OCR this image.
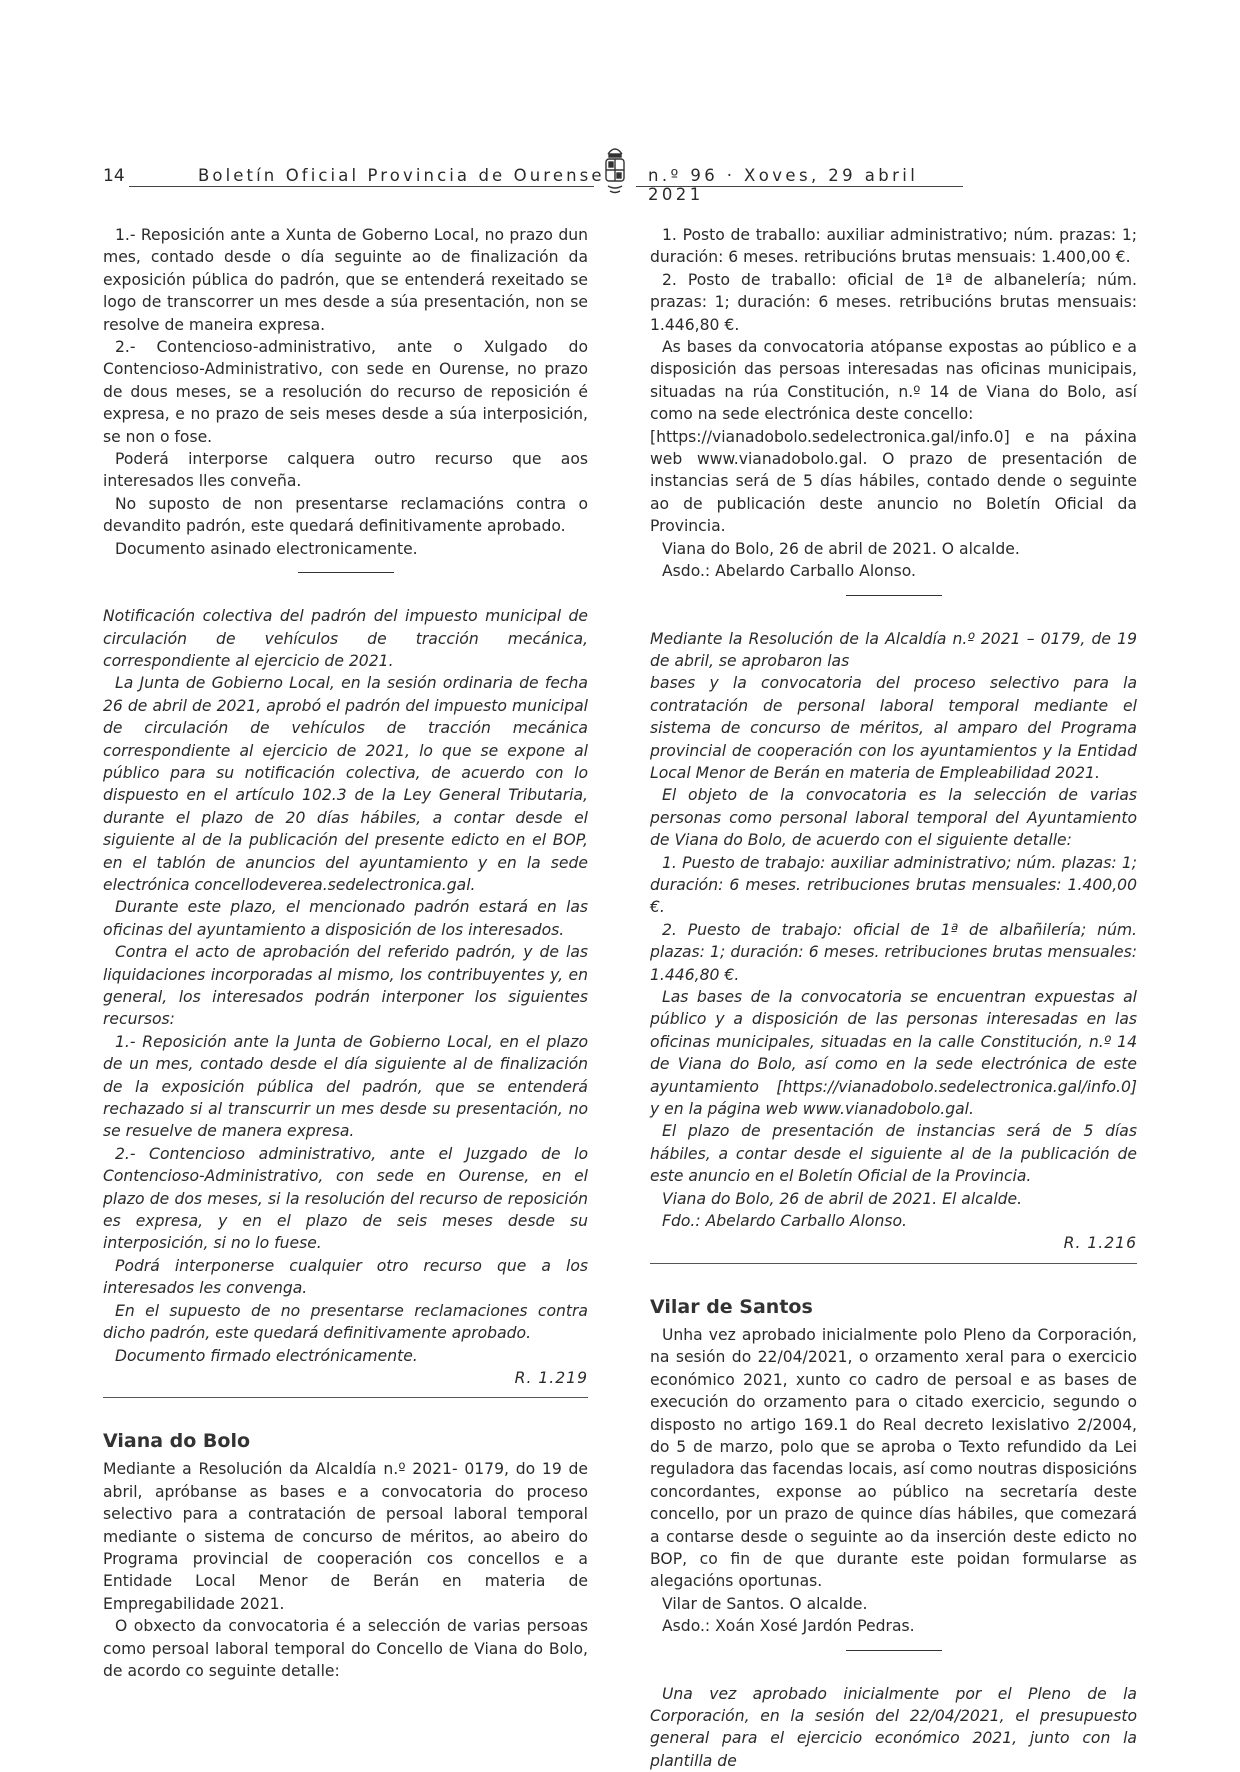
14	Boletín Oficial Provincia de Ourense	n.º 96 · Xoves, 29 abril 2021

1.- Reposición ante a Xunta de Goberno Local, no prazo dun mes, contado desde o día seguinte ao de finalización da exposición pública do padrón, que se entenderá rexeitado se logo de transcorrer un mes desde a súa presentación, non se resolve de maneira expresa.

2.- Contencioso-administrativo, ante o Xulgado do Contencioso-Administrativo, con sede en Ourense, no prazo de dous meses, se a resolución do recurso de reposición é expresa, e no prazo de seis meses desde a súa interposición, se non o fose.

Poderá interporse calquera outro recurso que aos interesados lles conveña.

No suposto de non presentarse reclamacións contra o devandito padrón, este quedará definitivamente aprobado.

Documento asinado electronicamente.

Notificación colectiva del padrón del impuesto municipal de circulación de vehículos de tracción mecánica, correspondiente al ejercicio de 2021.

La Junta de Gobierno Local, en la sesión ordinaria de fecha 26 de abril de 2021, aprobó el padrón del impuesto municipal de circulación de vehículos de tracción mecánica correspondiente al ejercicio de 2021, lo que se expone al público para su notificación colectiva, de acuerdo con lo dispuesto en el artículo 102.3 de la Ley General Tributaria, durante el plazo de 20 días hábiles, a contar desde el siguiente al de la publicación del presente edicto en el BOP, en el tablón de anuncios del ayuntamiento y en la sede electrónica concellodeverea.sedelectronica.gal.

Durante este plazo, el mencionado padrón estará en las oficinas del ayuntamiento a disposición de los interesados.

Contra el acto de aprobación del referido padrón, y de las liquidaciones incorporadas al mismo, los contribuyentes y, en general, los interesados podrán interponer los siguientes recursos:

1.- Reposición ante la Junta de Gobierno Local, en el plazo de un mes, contado desde el día siguiente al de finalización de la exposición pública del padrón, que se entenderá rechazado si al transcurrir un mes desde su presentación, no se resuelve de manera expresa.

2.- Contencioso administrativo, ante el Juzgado de lo Contencioso-Administrativo, con sede en Ourense, en el plazo de dos meses, si la resolución del recurso de reposición es expresa, y en el plazo de seis meses desde su interposición, si no lo fuese.

Podrá interponerse cualquier otro recurso que a los interesados les convenga.

En el supuesto de no presentarse reclamaciones contra dicho padrón, este quedará definitivamente aprobado.

Documento firmado electrónicamente.

R. 1.219

Viana do Bolo

Mediante a Resolución da Alcaldía n.º 2021- 0179, do 19 de abril, apróbanse as bases e a convocatoria do proceso selectivo para a contratación de persoal laboral temporal mediante o sistema de concurso de méritos, ao abeiro do Programa provincial de cooperación cos concellos e a Entidade Local Menor de Berán en materia de Empregabilidade 2021.

O obxecto da convocatoria é a selección de varias persoas como persoal laboral temporal do Concello de Viana do Bolo, de acordo co seguinte detalle:

1. Posto de traballo: auxiliar administrativo; núm. prazas: 1; duración: 6 meses. retribucións brutas mensuais: 1.400,00 €.

2. Posto de traballo: oficial de 1ª de albanelería; núm. prazas: 1; duración: 6 meses. retribucións brutas mensuais: 1.446,80 €.

As bases da convocatoria atópanse expostas ao público e a disposición das persoas interesadas nas oficinas municipais, situadas na rúa Constitución, n.º 14 de Viana do Bolo, así como na sede electrónica deste concello:

[https://vianadobolo.sedelectronica.gal/info.0] e na páxina web www.vianadobolo.gal. O prazo de presentación de instancias será de 5 días hábiles, contado dende o seguinte ao de publicación deste anuncio no Boletín Oficial da Provincia.

Viana do Bolo, 26 de abril de 2021. O alcalde.

Asdo.: Abelardo Carballo Alonso.

Mediante la Resolución de la Alcaldía n.º 2021 – 0179, de 19 de abril, se aprobaron las

bases y la convocatoria del proceso selectivo para la contratación de personal laboral temporal mediante el sistema de concurso de méritos, al amparo del Programa provincial de cooperación con los ayuntamientos y la Entidad Local Menor de Berán en materia de Empleabilidad 2021.

El objeto de la convocatoria es la selección de varias personas como personal laboral temporal del Ayuntamiento de Viana do Bolo, de acuerdo con el siguiente detalle:

1. Puesto de trabajo: auxiliar administrativo; núm. plazas: 1; duración: 6 meses. retribuciones brutas mensuales: 1.400,00 €.

2. Puesto de trabajo: oficial de 1ª de albañilería; núm. plazas: 1; duración: 6 meses. retribuciones brutas mensuales: 1.446,80 €.

Las bases de la convocatoria se encuentran expuestas al público y a disposición de las personas interesadas en las oficinas municipales, situadas en la calle Constitución, n.º 14 de Viana do Bolo, así como en la sede electrónica de este ayuntamiento [https://vianadobolo.sedelectronica.gal/info.0] y en la página web www.vianadobolo.gal.

El plazo de presentación de instancias será de 5 días hábiles, a contar desde el siguiente al de la publicación de este anuncio en el Boletín Oficial de la Provincia.

Viana do Bolo, 26 de abril de 2021. El alcalde.

Fdo.: Abelardo Carballo Alonso.

R. 1.216

Vilar de Santos

Unha vez aprobado inicialmente polo Pleno da Corporación, na sesión do 22/04/2021, o orzamento xeral para o exercicio económico 2021, xunto co cadro de persoal e as bases de execución do orzamento para o citado exercicio, segundo o disposto no artigo 169.1 do Real decreto lexislativo 2/2004, do 5 de marzo, polo que se aproba o Texto refundido da Lei reguladora das facendas locais, así como noutras disposicións concordantes, exponse ao público na secretaría deste concello, por un prazo de quince días hábiles, que comezará a contarse desde o seguinte ao da inserción deste edicto no BOP, co fin de que durante este poidan formularse as alegacións oportunas.

Vilar de Santos. O alcalde.

Asdo.: Xoán Xosé Jardón Pedras.

Una vez aprobado inicialmente por el Pleno de la Corporación, en la sesión del 22/04/2021, el presupuesto general para el ejercicio económico 2021, junto con la plantilla de
